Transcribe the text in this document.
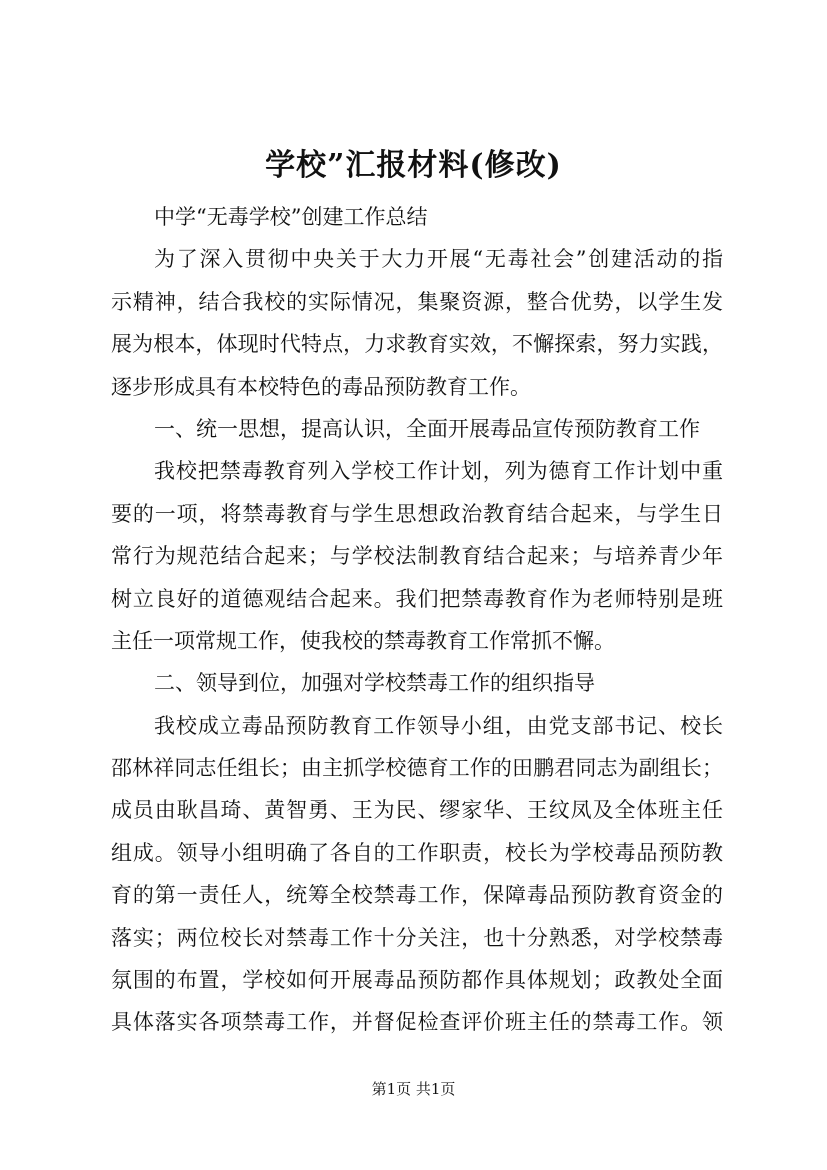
学校”汇报材料(修改)
中学“无毒学校”创建工作总结
为了深入贯彻中央关于大力开展“无毒社会”创建活动的指
示精神，结合我校的实际情况，集聚资源，整合优势，以学生发
展为根本，体现时代特点，力求教育实效，不懈探索，努力实践，
逐步形成具有本校特色的毒品预防教育工作。
一、统一思想，提高认识，全面开展毒品宣传预防教育工作
我校把禁毒教育列入学校工作计划，列为德育工作计划中重
要的一项，将禁毒教育与学生思想政治教育结合起来，与学生日
常行为规范结合起来；与学校法制教育结合起来；与培养青少年
树立良好的道德观结合起来。我们把禁毒教育作为老师特别是班
主任一项常规工作，使我校的禁毒教育工作常抓不懈。
二、领导到位，加强对学校禁毒工作的组织指导
我校成立毒品预防教育工作领导小组，由党支部书记、校长
邵林祥同志任组长；由主抓学校德育工作的田鹏君同志为副组长；
成员由耿昌琦、黄智勇、王为民、缪家华、王纹凤及全体班主任
组成。领导小组明确了各自的工作职责，校长为学校毒品预防教
育的第一责任人，统筹全校禁毒工作，保障毒品预防教育资金的
落实；两位校长对禁毒工作十分关注，也十分熟悉，对学校禁毒
氛围的布置，学校如何开展毒品预防都作具体规划；政教处全面
具体落实各项禁毒工作，并督促检查评价班主任的禁毒工作。领
第1页 共1页
